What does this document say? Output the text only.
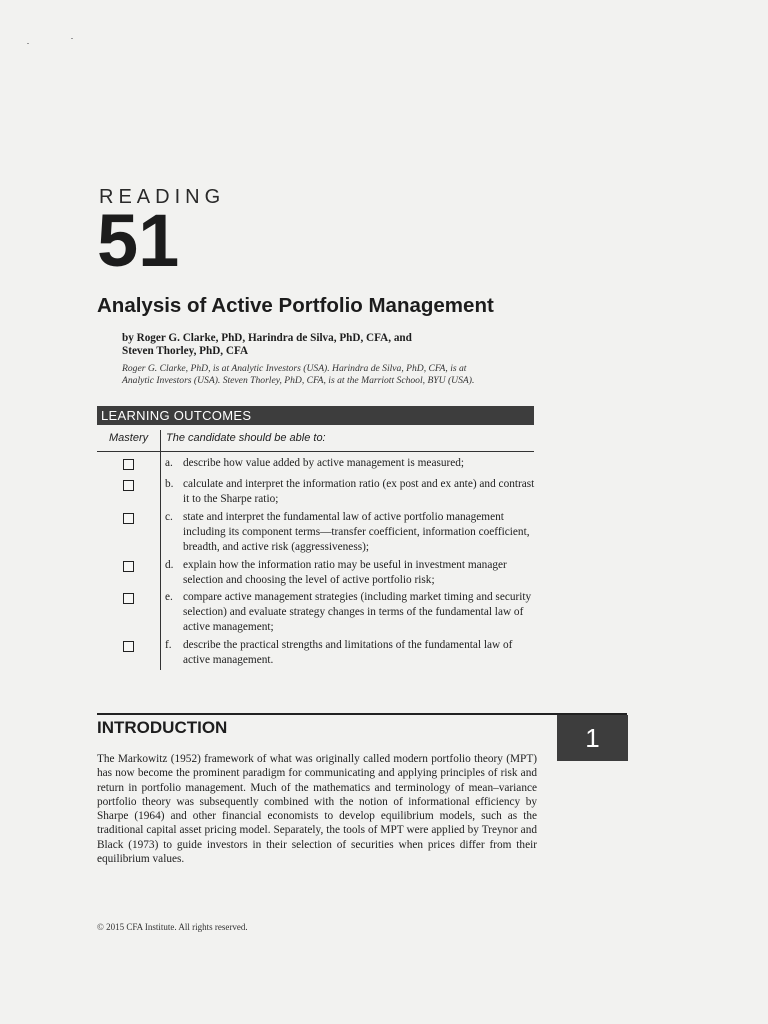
READING
51
Analysis of Active Portfolio Management
by Roger G. Clarke, PhD, Harindra de Silva, PhD, CFA, and
Steven Thorley, PhD, CFA
Roger G. Clarke, PhD, is at Analytic Investors (USA). Harindra de Silva, PhD, CFA, is at
Analytic Investors (USA). Steven Thorley, PhD, CFA, is at the Marriott School, BYU (USA).
LEARNING OUTCOMES
Mastery The candidate should be able to:
a. describe how value added by active management is measured;
b. calculate and interpret the information ratio (ex post and ex ante) and contrast it to the Sharpe ratio;
c. state and interpret the fundamental law of active portfolio management including its component terms—transfer coefficient, information coefficient, breadth, and active risk (aggressiveness);
d. explain how the information ratio may be useful in investment manager selection and choosing the level of active portfolio risk;
e. compare active management strategies (including market timing and security selection) and evaluate strategy changes in terms of the fundamental law of active management;
f. describe the practical strengths and limitations of the fundamental law of active management.
INTRODUCTION	1
The Markowitz (1952) framework of what was originally called modern portfolio theory (MPT) has now become the prominent paradigm for communicating and applying principles of risk and return in portfolio management. Much of the mathematics and terminology of mean–variance portfolio theory was subsequently combined with the notion of informational efficiency by Sharpe (1964) and other financial economists to develop equilibrium models, such as the traditional capital asset pricing model. Separately, the tools of MPT were applied by Treynor and Black (1973) to guide investors in their selection of securities when prices differ from their equilibrium values.
© 2015 CFA Institute. All rights reserved.
